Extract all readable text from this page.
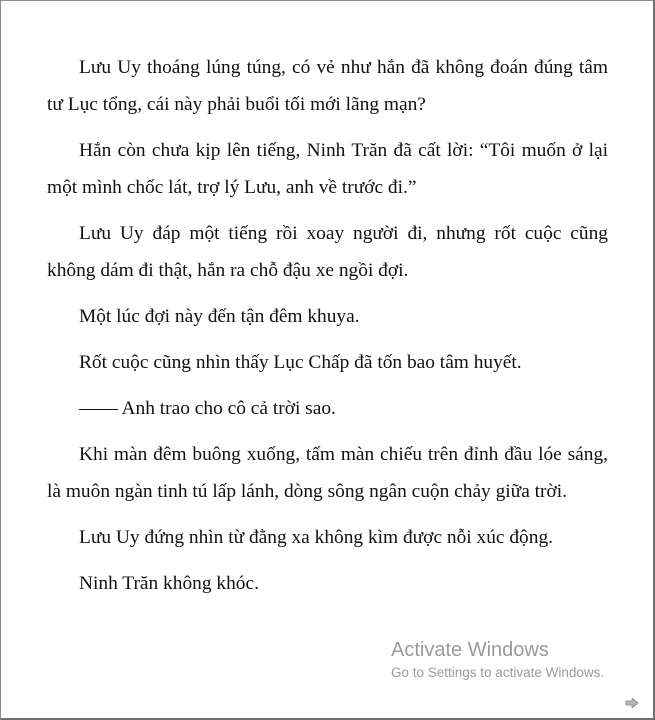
Lưu Uy thoáng lúng túng, có vẻ như hắn đã không đoán đúng tâm tư Lục tổng, cái này phải buổi tối mới lãng mạn?

Hắn còn chưa kịp lên tiếng, Ninh Trăn đã cất lời: “Tôi muốn ở lại một mình chốc lát, trợ lý Lưu, anh về trước đi.”

Lưu Uy đáp một tiếng rồi xoay người đi, nhưng rốt cuộc cũng không dám đi thật, hắn ra chỗ đậu xe ngồi đợi.

Một lúc đợi này đến tận đêm khuya.

Rốt cuộc cũng nhìn thấy Lục Chấp đã tốn bao tâm huyết.

—— Anh trao cho cô cả trời sao.

Khi màn đêm buông xuống, tấm màn chiếu trên đỉnh đầu lóe sáng, là muôn ngàn tinh tú lấp lánh, dòng sông ngân cuộn chảy giữa trời.

Lưu Uy đứng nhìn từ đằng xa không kìm được nỗi xúc động.

Ninh Trăn không khóc.

Activate Windows
Go to Settings to activate Windows.
